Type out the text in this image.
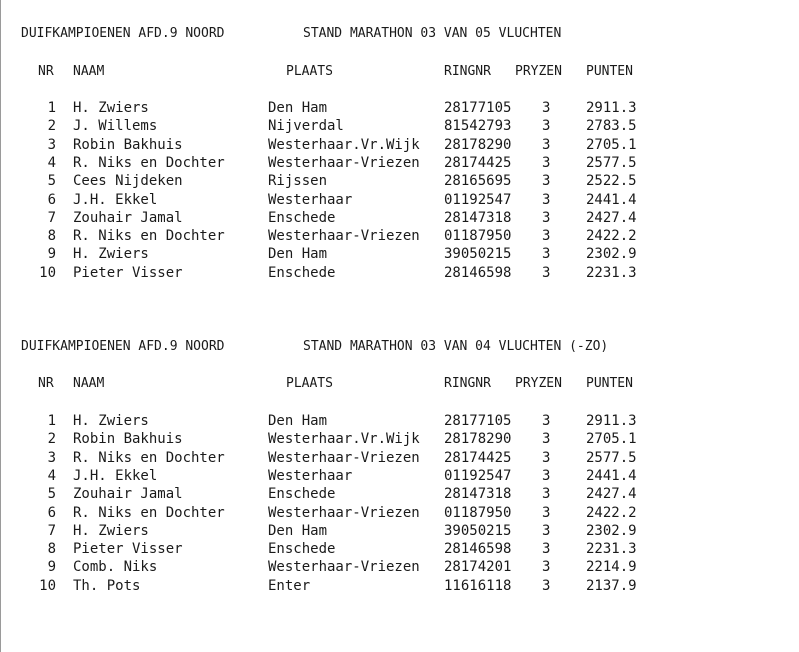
DUIFKAMPIOENEN AFD.9 NOORD	STAND MARATHON 03 VAN 05 VLUCHTEN
NR NAAM	PLAATS	RINGNR PRYZEN PUNTEN
1 H. Zwiers	Den Ham	28177105 3	2911.3
2 J. Willems	Nijverdal	81542793 3	2783.5
3 Robin Bakhuis	Westerhaar.Vr.Wijk 28178290 3	2705.1
4 R. Niks en Dochter	Westerhaar-Vriezen 28174425 3	2577.5
5 Cees Nijdeken	Rijssen	28165695 3	2522.5
6 J.H. Ekkel	Westerhaar	01192547 3	2441.4
7 Zouhair Jamal	Enschede	28147318 3	2427.4
8 R. Niks en Dochter	Westerhaar-Vriezen 01187950 3	2422.2
9 H. Zwiers	Den Ham	39050215 3	2302.9
10 Pieter Visser	Enschede	28146598 3	2231.3
DUIFKAMPIOENEN AFD.9 NOORD	STAND MARATHON 03 VAN 04 VLUCHTEN (-ZO)
NR NAAM	PLAATS	RINGNR PRYZEN PUNTEN
1 H. Zwiers	Den Ham	28177105 3	2911.3
2 Robin Bakhuis	Westerhaar.Vr.Wijk 28178290 3	2705.1
3 R. Niks en Dochter	Westerhaar-Vriezen 28174425 3	2577.5
4 J.H. Ekkel	Westerhaar	01192547 3	2441.4
5 Zouhair Jamal	Enschede	28147318 3	2427.4
6 R. Niks en Dochter	Westerhaar-Vriezen 01187950 3	2422.2
7 H. Zwiers	Den Ham	39050215 3	2302.9
8 Pieter Visser	Enschede	28146598 3	2231.3
9 Comb. Niks	Westerhaar-Vriezen 28174201 3	2214.9
10 Th. Pots	Enter	11616118 3	2137.9
